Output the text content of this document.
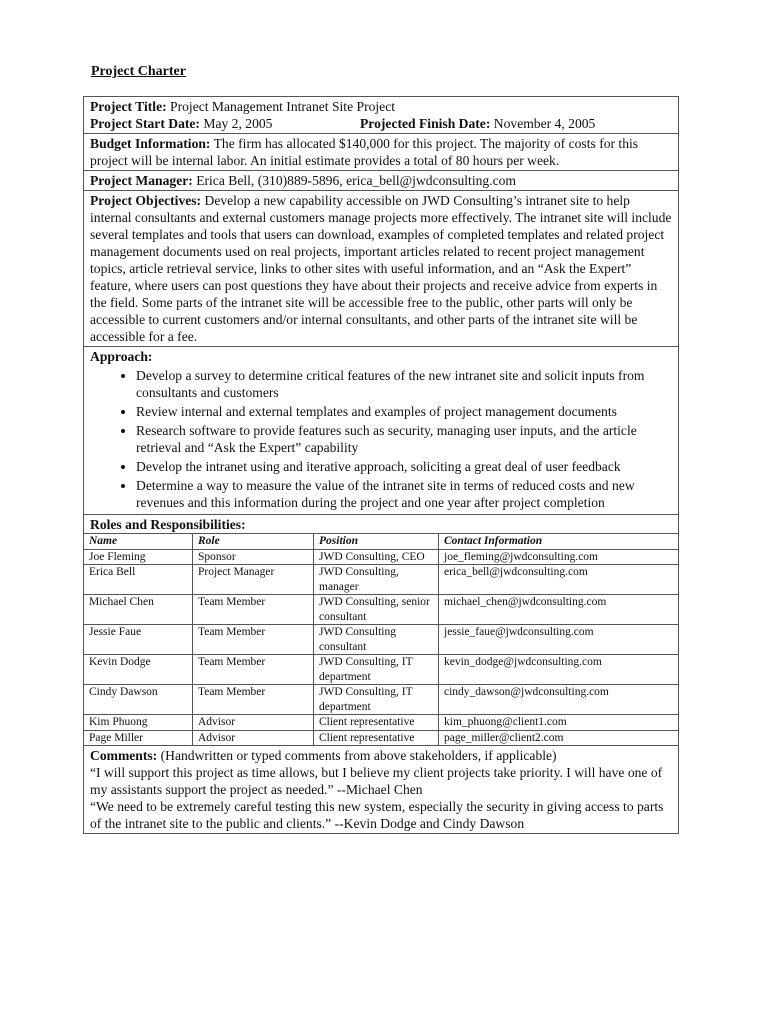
Project Charter
Project Title: Project Management Intranet Site Project
Project Start Date: May 2, 2005	Projected Finish Date: November 4, 2005
Budget Information: The firm has allocated $140,000 for this project. The majority of costs for this project will be internal labor. An initial estimate provides a total of 80 hours per week.
Project Manager: Erica Bell, (310)889-5896, erica_bell@jwdconsulting.com
Project Objectives: Develop a new capability accessible on JWD Consulting’s intranet site to help internal consultants and external customers manage projects more effectively. The intranet site will include several templates and tools that users can download, examples of completed templates and related project management documents used on real projects, important articles related to recent project management topics, article retrieval service, links to other sites with useful information, and an “Ask the Expert” feature, where users can post questions they have about their projects and receive advice from experts in the field. Some parts of the intranet site will be accessible free to the public, other parts will only be accessible to current customers and/or internal consultants, and other parts of the intranet site will be accessible for a fee.
Approach:
• Develop a survey to determine critical features of the new intranet site and solicit inputs from consultants and customers
• Review internal and external templates and examples of project management documents
• Research software to provide features such as security, managing user inputs, and the article retrieval and “Ask the Expert” capability
• Develop the intranet using and iterative approach, soliciting a great deal of user feedback
• Determine a way to measure the value of the intranet site in terms of reduced costs and new revenues and this information during the project and one year after project completion
Roles and Responsibilities:
Name	Role	Position	Contact Information
Joe Fleming	Sponsor	JWD Consulting, CEO	joe_fleming@jwdconsulting.com
Erica Bell	Project Manager	JWD Consulting, manager	erica_bell@jwdconsulting.com
Michael Chen	Team Member	JWD Consulting, senior consultant	michael_chen@jwdconsulting.com
Jessie Faue	Team Member	JWD Consulting consultant	jessie_faue@jwdconsulting.com
Kevin Dodge	Team Member	JWD Consulting, IT department	kevin_dodge@jwdconsulting.com
Cindy Dawson	Team Member	JWD Consulting, IT department	cindy_dawson@jwdconsulting.com
Kim Phuong	Advisor	Client representative	kim_phuong@client1.com
Page Miller	Advisor	Client representative	page_miller@client2.com
Comments: (Handwritten or typed comments from above stakeholders, if applicable)
“I will support this project as time allows, but I believe my client projects take priority. I will have one of my assistants support the project as needed.” --Michael Chen
“We need to be extremely careful testing this new system, especially the security in giving access to parts of the intranet site to the public and clients.” --Kevin Dodge and Cindy Dawson
